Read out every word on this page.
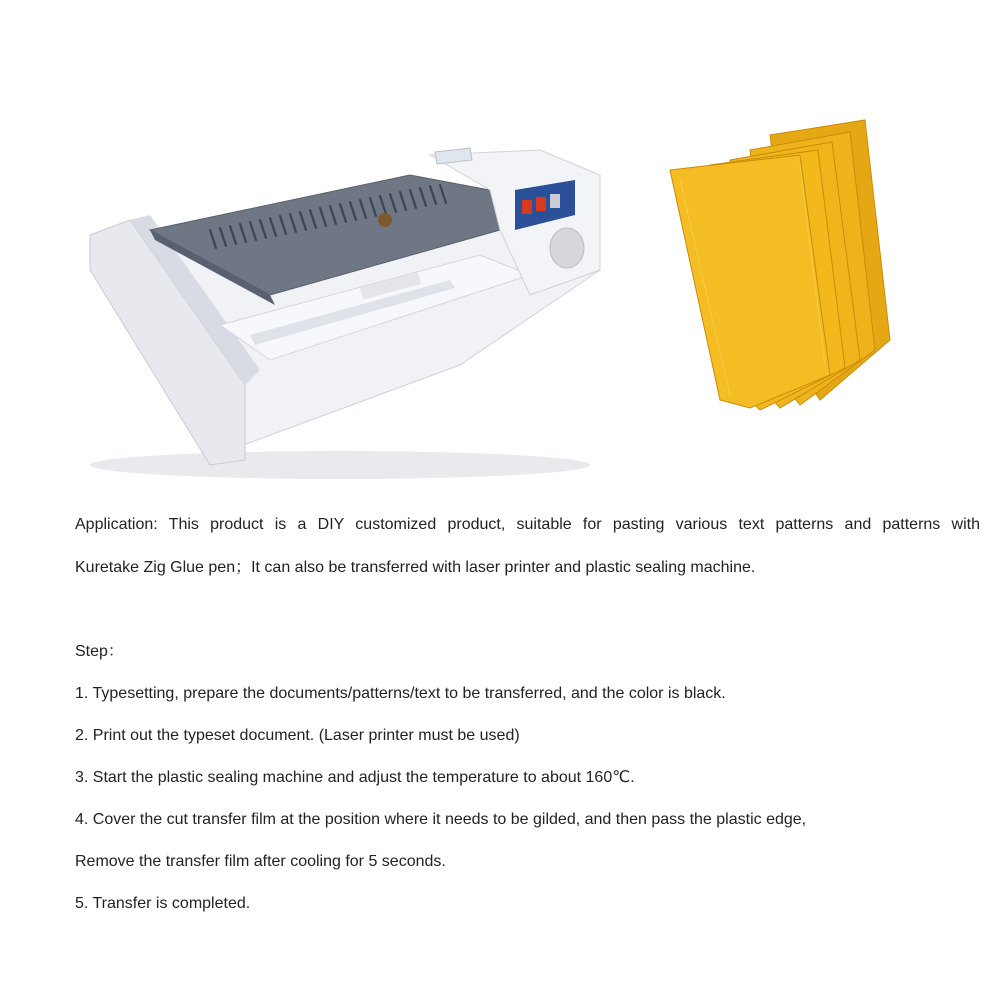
Application: This product is a DIY customized product, suitable for pasting various text patterns and patterns with
Kuretake Zig Glue pen；It can also be transferred with laser printer and plastic sealing machine.
Step：
1. Typesetting, prepare the documents/patterns/text to be transferred, and the color is black.
2. Print out the typeset document. (Laser printer must be used)
3. Start the plastic sealing machine and adjust the temperature to about 160℃.
4. Cover the cut transfer film at the position where it needs to be gilded, and then pass the plastic edge,
Remove the transfer film after cooling for 5 seconds.
5. Transfer is completed.
